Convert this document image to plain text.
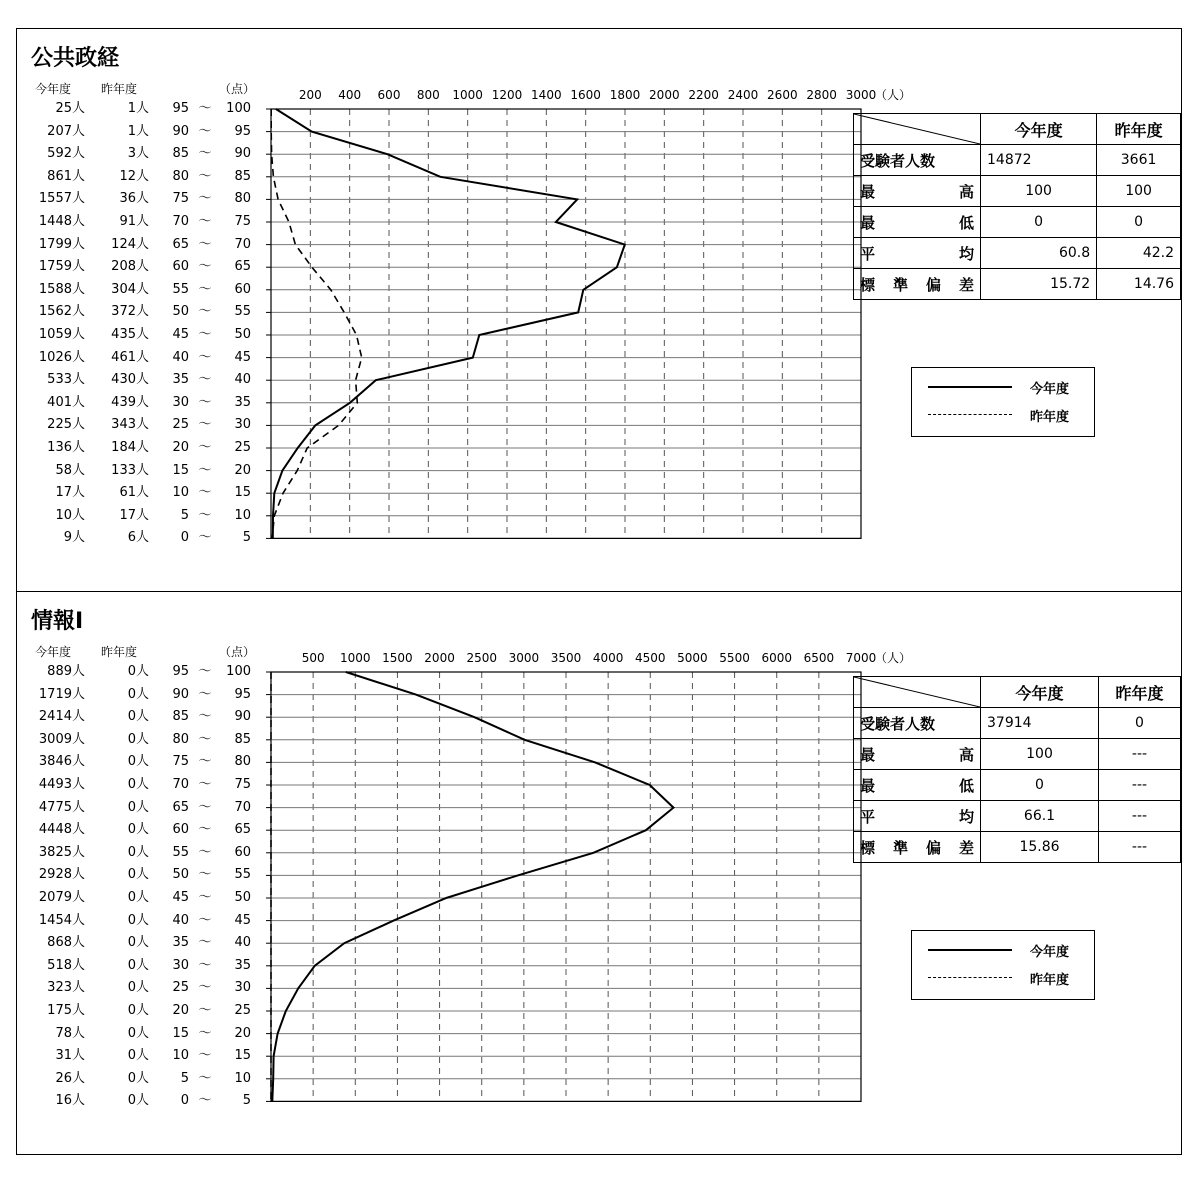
公共政経
今年度 昨年度	（点）
25人	1人	95 ～	100
207人	1人	90 ～	95
592人	3人	85 ～	90
861人	12人	80 ～	85
1557人	36人	75 ～	80
1448人	91人	70 ～	75
1799人	124人	65 ～	70
1759人	208人	60 ～	65
1588人	304人	55 ～	60
1562人	372人	50 ～	55
1059人	435人	45 ～	50
1026人	461人	40 ～	45
533人	430人	35 ～	40
401人	439人	30 ～	35
225人	343人	25 ～	30
136人	184人	20 ～	25
58人	133人	15 ～	20
17人	61人	10 ～	15
10人	17人	5 ～	10
9人	6人	0 ～	5
200 400 600 800 1000 1200 1400 1600 1800 2000 2200 2400 2600 2800 3000
（人）
	今年度	昨年度
受験者人数	14872	3661

最 高	100	100

最 低	0	0

平 均	60.8	42.2

標 準 偏 差	15.72	14.76
今年度
昨年度
情報Ⅰ
今年度 昨年度	（点）
889人	0人	95 ～	100
1719人	0人	90 ～	95
2414人	0人	85 ～	90
3009人	0人	80 ～	85
3846人	0人	75 ～	80
4493人	0人	70 ～	75
4775人	0人	65 ～	70
4448人	0人	60 ～	65
3825人	0人	55 ～	60
2928人	0人	50 ～	55
2079人	0人	45 ～	50
1454人	0人	40 ～	45
868人	0人	35 ～	40
518人	0人	30 ～	35
323人	0人	25 ～	30
175人	0人	20 ～	25
78人	0人	15 ～	20
31人	0人	10 ～	15
26人	0人	5 ～	10
16人	0人	0 ～	5
500 1000 1500 2000 2500 3000 3500 4000 4500 5000 5500 6000 6500 7000
（人）
	今年度	昨年度
受験者人数	37914	0

最 高	100	---

最 低	0	---

平 均	66.1	---

標 準 偏 差	15.86	---
今年度
昨年度
